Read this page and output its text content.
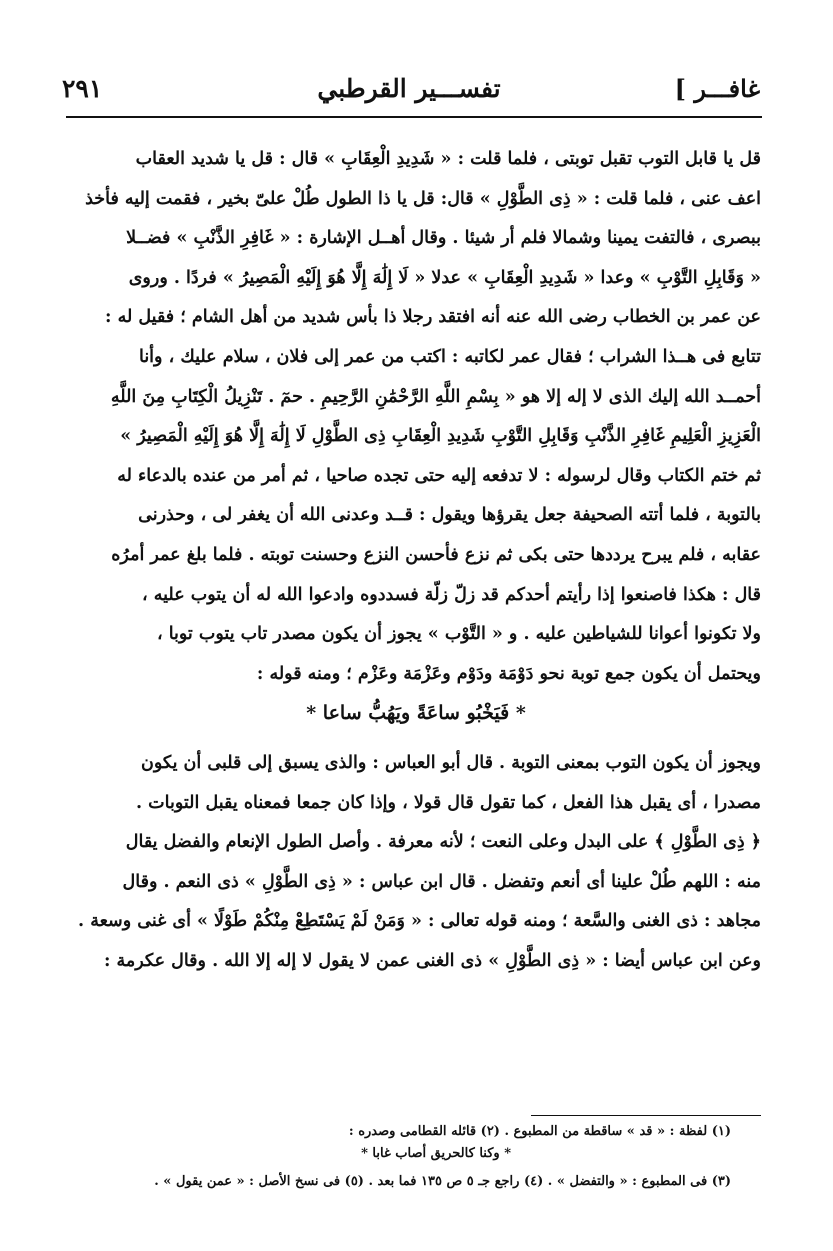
غافـــر ]
تفســـير القرطبي
٢٩١
قل يا قابل التوب تقبل توبتى ، فلما قلت : « شَدِيدِ الْعِقَابِ » قال : قل يا شديد العقاب
اعف عنى ، فلما قلت : « ذِى الطَّوْلِ » قال: قل يا ذا الطول طُلْ علىّ بخير ، فقمت إليه فأخذ
ببصرى ، فالتفت يمينا وشمالا فلم أر شيئا . وقال أهــل الإشارة : « غَافِرِ الذَّنْبِ » فضــلا
« وَقَابِلِ التَّوْبِ » وعدا « شَدِيدِ الْعِقَابِ » عدلا « لَا إِلَٰهَ إِلَّا هُوَ إِلَيْهِ الْمَصِيرُ » فردًا . وروى
عن عمر بن الخطاب رضى الله عنه أنه افتقد رجلا ذا بأس شديد من أهل الشام ؛ فقيل له :
تتابع فى هــذا الشراب ؛ فقال عمر لكاتبه : اكتب من عمر إلى فلان ، سلام عليك ، وأنا
أحمــد الله إليك الذى لا إله إلا هو « بِسْمِ اللَّهِ الرَّحْمَٰنِ الرَّحِيمِ . حمٓ . تَنْزِيلُ الْكِتَابِ مِنَ اللَّهِ
الْعَزِيزِ الْعَلِيمِ غَافِرِ الذَّنْبِ وَقَابِلِ التَّوْبِ شَدِيدِ الْعِقَابِ ذِى الطَّوْلِ لَا إِلَٰهَ إِلَّا هُوَ إِلَيْهِ الْمَصِيرُ »
ثم ختم الكتاب وقال لرسوله : لا تدفعه إليه حتى تجده صاحيا ، ثم أمر من عنده بالدعاء له
بالتوبة ، فلما أتته الصحيفة جعل يقرؤها ويقول : قــد وعدنى الله أن يغفر لى ، وحذرنى
عقابه ، فلم يبرح يرددها حتى بكى ثم نزع فأحسن النزع وحسنت توبته . فلما بلغ عمر أمرُه
قال : هكذا فاصنعوا إذا رأيتم أحدكم قد زلّ زلّة فسددوه وادعوا الله له أن يتوب عليه ،
ولا تكونوا أعوانا للشياطين عليه . و « التَّوْب » يجوز أن يكون مصدر تاب يتوب توبا ،
ويحتمل أن يكون جمع توبة نحو دَوْمَة ودَوْم وعَزْمَة وعَزْم ؛ ومنه قوله :
* فَيَخْبُو ساعَةً ويَهُبُّ ساعا *
ويجوز أن يكون التوب بمعنى التوبة . قال أبو العباس : والذى يسبق إلى قلبى أن يكون
مصدرا ، أى يقبل هذا الفعل ، كما تقول قال قولا ، وإذا كان جمعا فمعناه يقبل التوبات .
﴿ ذِى الطَّوْلِ ﴾ على البدل وعلى النعت ؛ لأنه معرفة . وأصل الطول الإنعام والفضل يقال
منه : اللهم طُلْ علينا أى أنعم وتفضل . قال ابن عباس : « ذِى الطَّوْلِ » ذى النعم . وقال
مجاهد : ذى الغنى والسَّعة ؛ ومنه قوله تعالى : « وَمَنْ لَمْ يَسْتَطِعْ مِنْكُمْ طَوْلًا » أى غنى وسعة .
وعن ابن عباس أيضا : « ذِى الطَّوْلِ » ذى الغنى عمن لا يقول لا إله إلا الله . وقال عكرمة :
(١) لفظة : « قد » ساقطة من المطبوع . (٢) قائله القطامى وصدره :
* وكنا كالحريق أصاب غابا *
(٣) فى المطبوع : « والتفضل » . (٤) راجع جـ ٥ ص ١٣٥ فما بعد . (٥) فى نسخ الأصل : « عمن يقول » .
